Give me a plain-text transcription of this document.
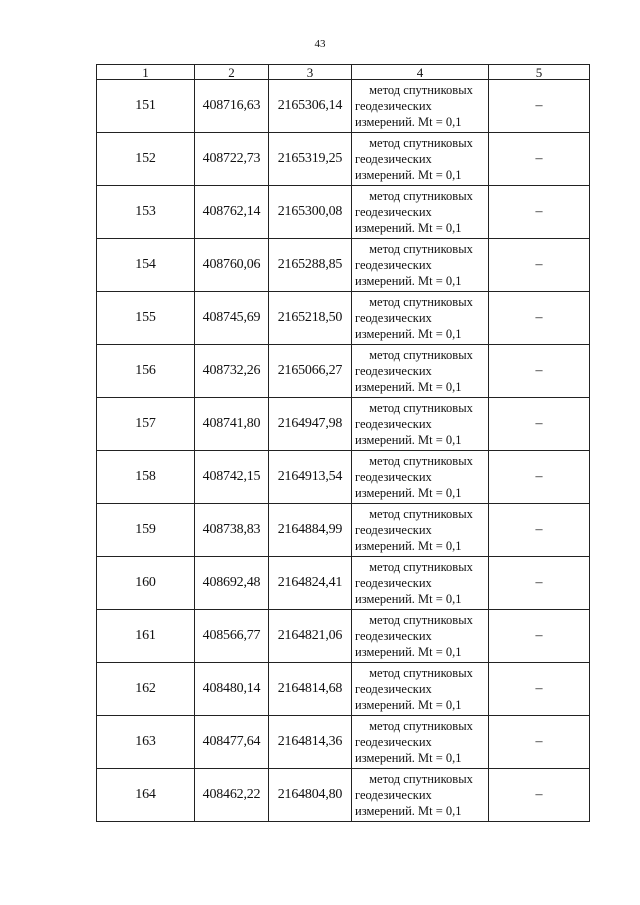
43
1	2	3	4	5
151	408716,63	2165306,14	метод спутниковых
геодезических
измерений. Mt = 0,1	–
152	408722,73	2165319,25	метод спутниковых
геодезических
измерений. Mt = 0,1	–
153	408762,14	2165300,08	метод спутниковых
геодезических
измерений. Mt = 0,1	–
154	408760,06	2165288,85	метод спутниковых
геодезических
измерений. Mt = 0,1	–
155	408745,69	2165218,50	метод спутниковых
геодезических
измерений. Mt = 0,1	–
156	408732,26	2165066,27	метод спутниковых
геодезических
измерений. Mt = 0,1	–
157	408741,80	2164947,98	метод спутниковых
геодезических
измерений. Mt = 0,1	–
158	408742,15	2164913,54	метод спутниковых
геодезических
измерений. Mt = 0,1	–
159	408738,83	2164884,99	метод спутниковых
геодезических
измерений. Mt = 0,1	–
160	408692,48	2164824,41	метод спутниковых
геодезических
измерений. Mt = 0,1	–
161	408566,77	2164821,06	метод спутниковых
геодезических
измерений. Mt = 0,1	–
162	408480,14	2164814,68	метод спутниковых
геодезических
измерений. Mt = 0,1	–
163	408477,64	2164814,36	метод спутниковых
геодезических
измерений. Mt = 0,1	–
164	408462,22	2164804,80	метод спутниковых
геодезических
измерений. Mt = 0,1	–
